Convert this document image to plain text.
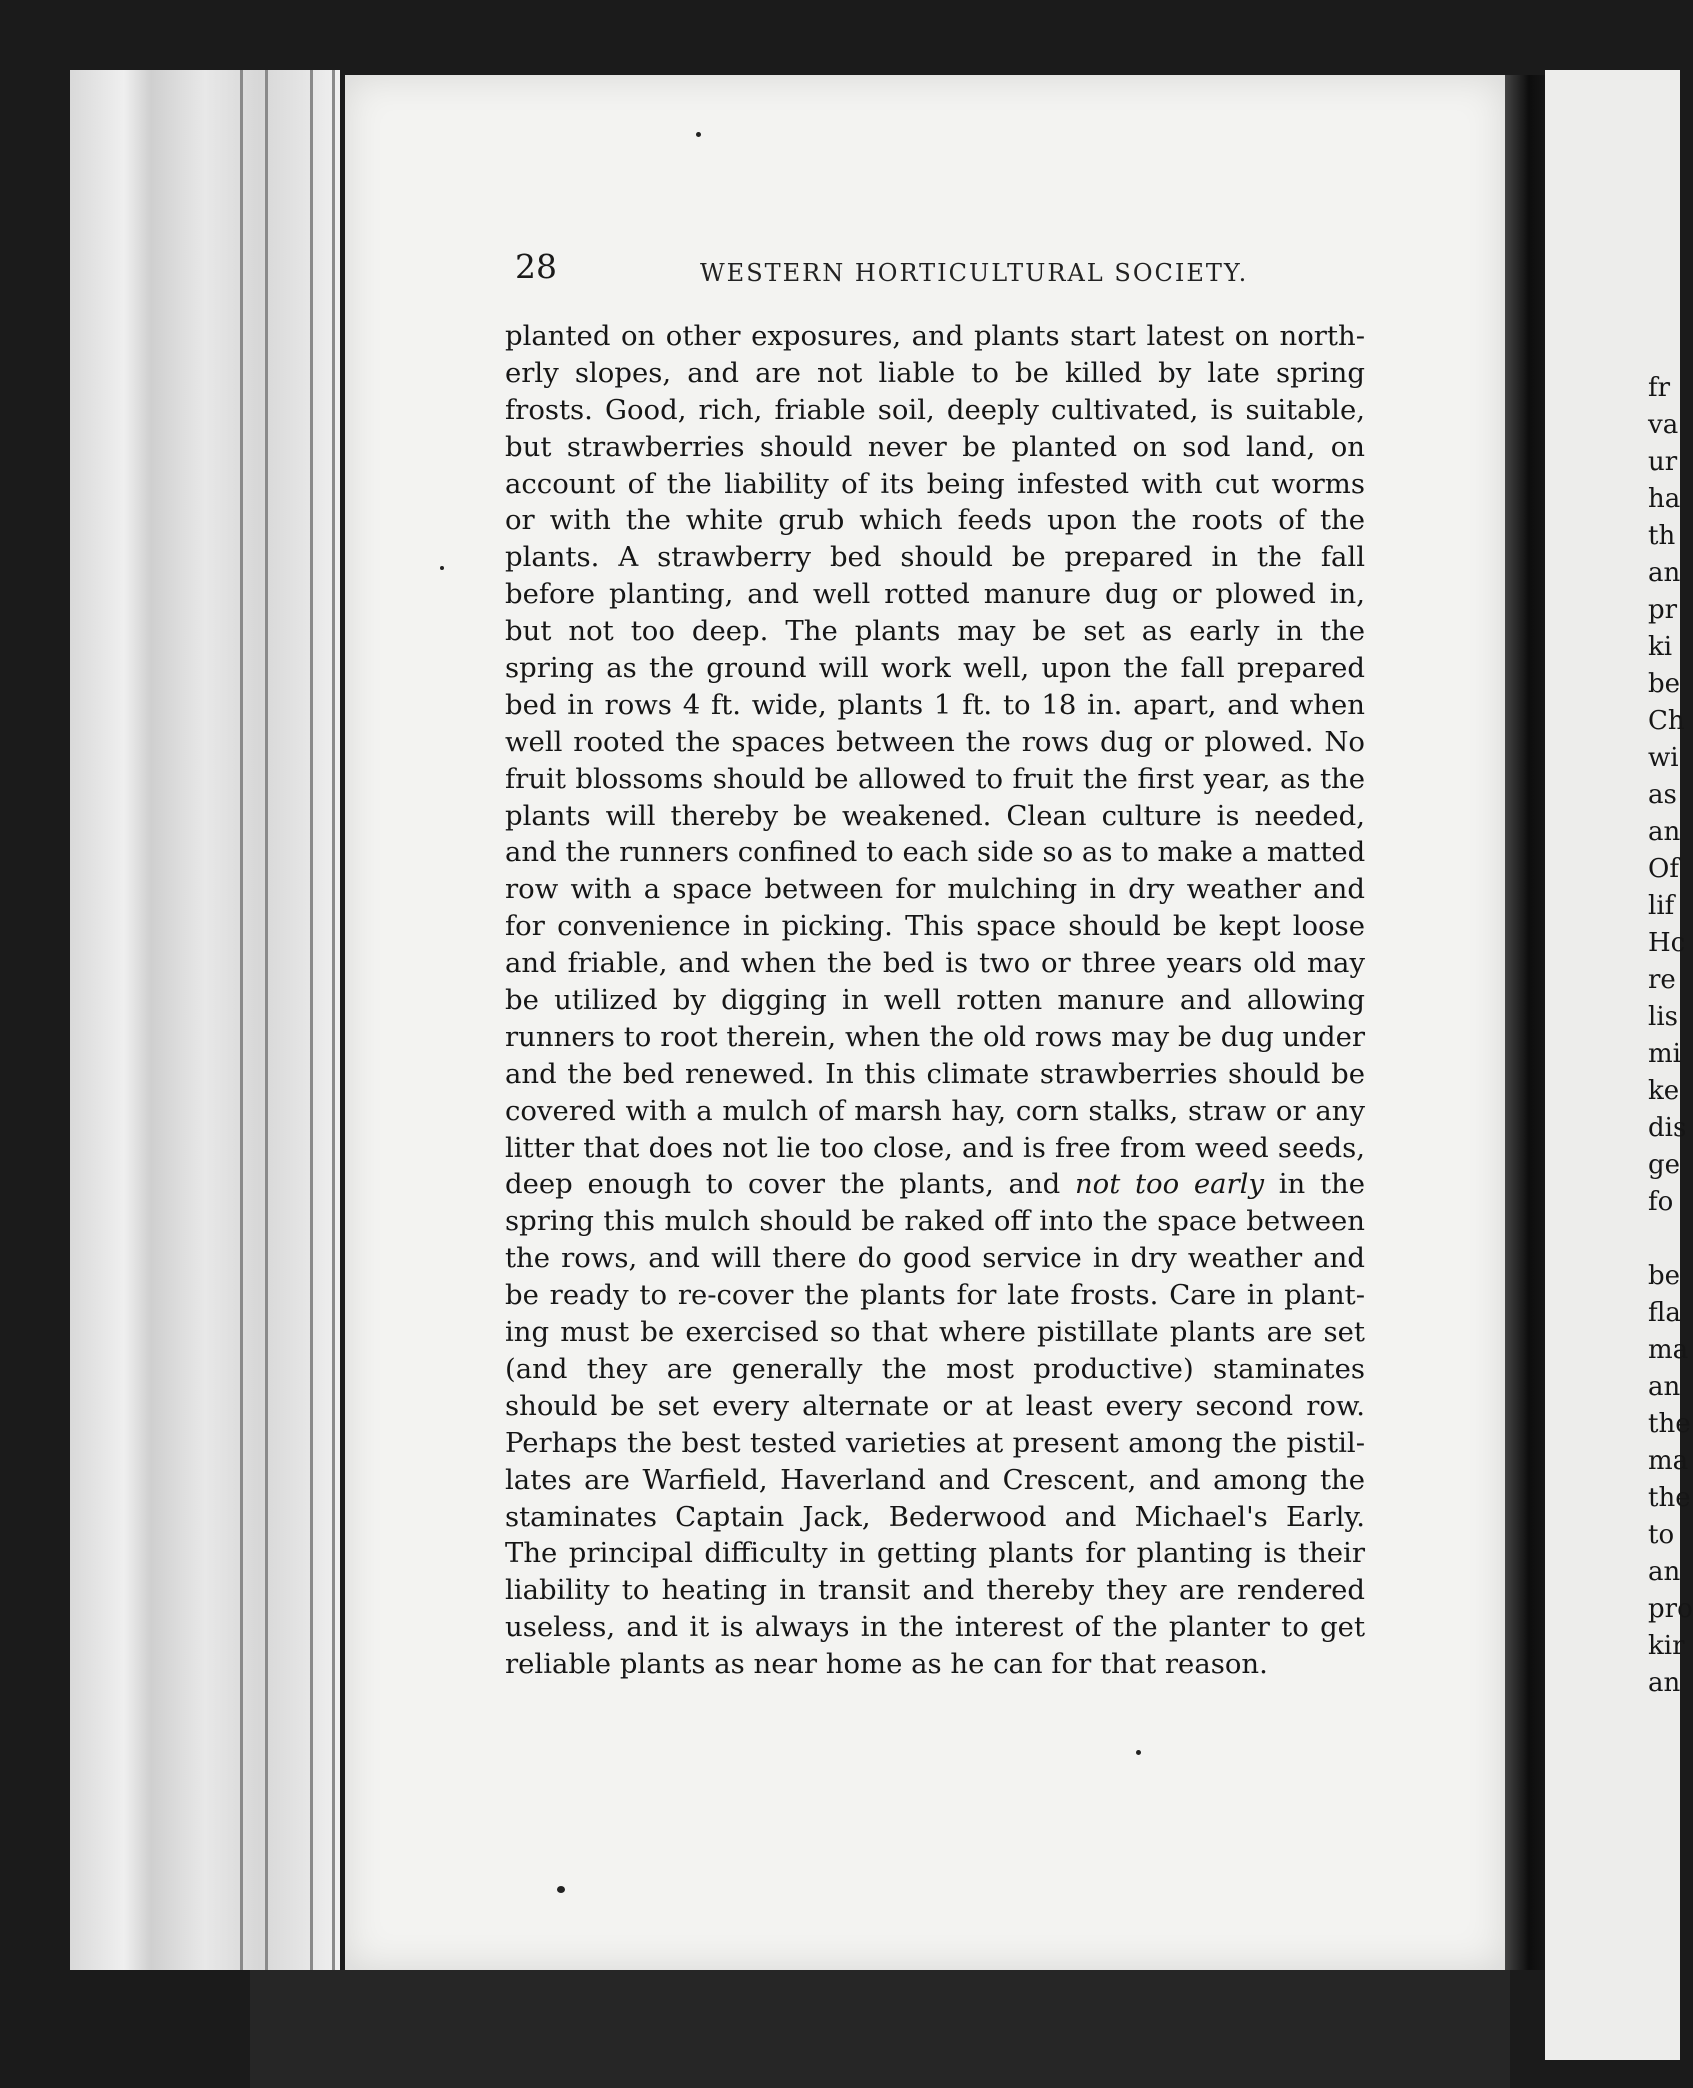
28	WESTERN HORTICULTURAL SOCIETY.
planted on other exposures, and plants start latest on north-
erly slopes, and are not liable to be killed by late spring
frosts. Good, rich, friable soil, deeply cultivated, is suitable,
but strawberries should never be planted on sod land, on
account of the liability of its being infested with cut worms
or with the white grub which feeds upon the roots of the
plants. A strawberry bed should be prepared in the fall
before planting, and well rotted manure dug or plowed in,
but not too deep. The plants may be set as early in the
spring as the ground will work well, upon the fall prepared
bed in rows 4 ft. wide, plants 1 ft. to 18 in. apart, and when
well rooted the spaces between the rows dug or plowed. No
fruit blossoms should be allowed to fruit the first year, as the
plants will thereby be weakened. Clean culture is needed,
and the runners confined to each side so as to make a matted
row with a space between for mulching in dry weather and
for convenience in picking. This space should be kept loose
and friable, and when the bed is two or three years old may
be utilized by digging in well rotten manure and allowing
runners to root therein, when the old rows may be dug under
and the bed renewed. In this climate strawberries should be
covered with a mulch of marsh hay, corn stalks, straw or any
litter that does not lie too close, and is free from weed seeds,
deep enough to cover the plants, and not too early in the
spring this mulch should be raked off into the space between
the rows, and will there do good service in dry weather and
be ready to re-cover the plants for late frosts. Care in plant-
ing must be exercised so that where pistillate plants are set
(and they are generally the most productive) staminates
should be set every alternate or at least every second row.
Perhaps the best tested varieties at present among the pistil-
lates are Warfield, Haverland and Crescent, and among the
staminates Captain Jack, Bederwood and Michael's Early.
The principal difficulty in getting plants for planting is their
liability to heating in transit and thereby they are rendered
useless, and it is always in the interest of the planter to get
reliable plants as near home as he can for that reason.
fr
va
ur
ha
th
an
pr
ki
be
Ch
wi
as
an
Of
lif
Hc
re
lis
mi
ke
dis
ge
fo
be
fla
ma
an
the
ma
the
to
an
pro
kir
an
